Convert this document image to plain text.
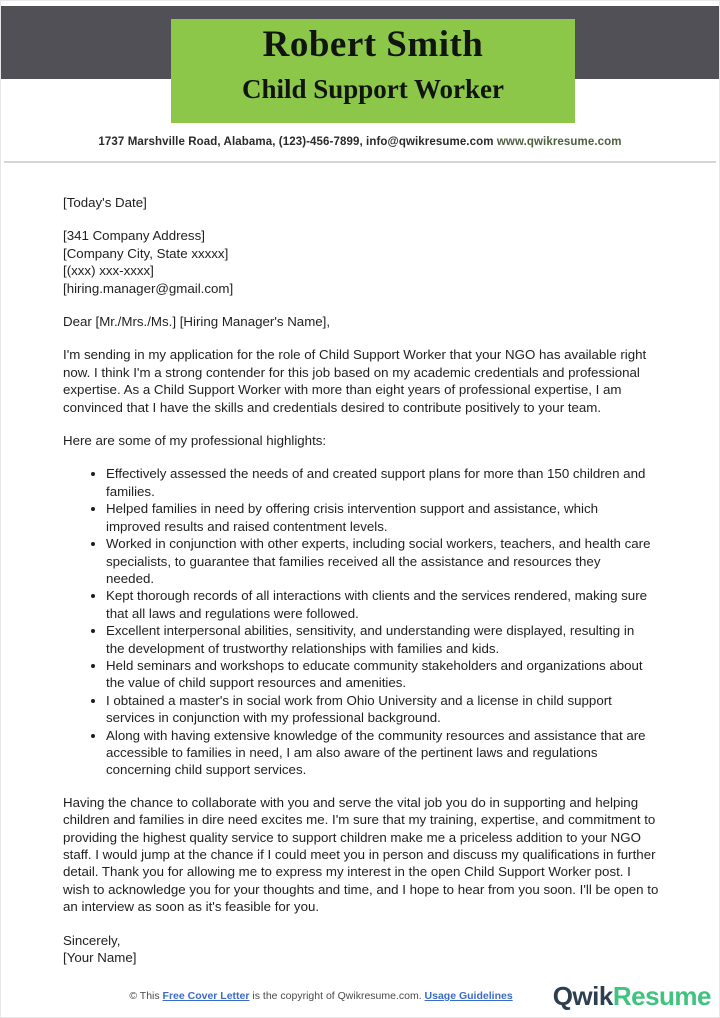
Robert Smith
Child Support Worker
1737 Marshville Road, Alabama, (123)-456-7899, info@qwikresume.com www.qwikresume.com

[Today's Date]

[341 Company Address]
[Company City, State xxxxx]
[(xxx) xxx-xxxx]
[hiring.manager@gmail.com]

Dear [Mr./Mrs./Ms.] [Hiring Manager's Name],

I'm sending in my application for the role of Child Support Worker that your NGO has available right now. I think I'm a strong contender for this job based on my academic credentials and professional expertise. As a Child Support Worker with more than eight years of professional expertise, I am convinced that I have the skills and credentials desired to contribute positively to your team.

Here are some of my professional highlights:

• Effectively assessed the needs of and created support plans for more than 150 children and families.
• Helped families in need by offering crisis intervention support and assistance, which improved results and raised contentment levels.
• Worked in conjunction with other experts, including social workers, teachers, and health care specialists, to guarantee that families received all the assistance and resources they needed.
• Kept thorough records of all interactions with clients and the services rendered, making sure that all laws and regulations were followed.
• Excellent interpersonal abilities, sensitivity, and understanding were displayed, resulting in the development of trustworthy relationships with families and kids.
• Held seminars and workshops to educate community stakeholders and organizations about the value of child support resources and amenities.
• I obtained a master's in social work from Ohio University and a license in child support services in conjunction with my professional background.
• Along with having extensive knowledge of the community resources and assistance that are accessible to families in need, I am also aware of the pertinent laws and regulations concerning child support services.

Having the chance to collaborate with you and serve the vital job you do in supporting and helping children and families in dire need excites me. I'm sure that my training, expertise, and commitment to providing the highest quality service to support children make me a priceless addition to your NGO staff. I would jump at the chance if I could meet you in person and discuss my qualifications in further detail. Thank you for allowing me to express my interest in the open Child Support Worker post. I wish to acknowledge you for your thoughts and time, and I hope to hear from you soon. I'll be open to an interview as soon as it's feasible for you.

Sincerely,
[Your Name]
© This Free Cover Letter is the copyright of Qwikresume.com. Usage Guidelines	QwikResume
